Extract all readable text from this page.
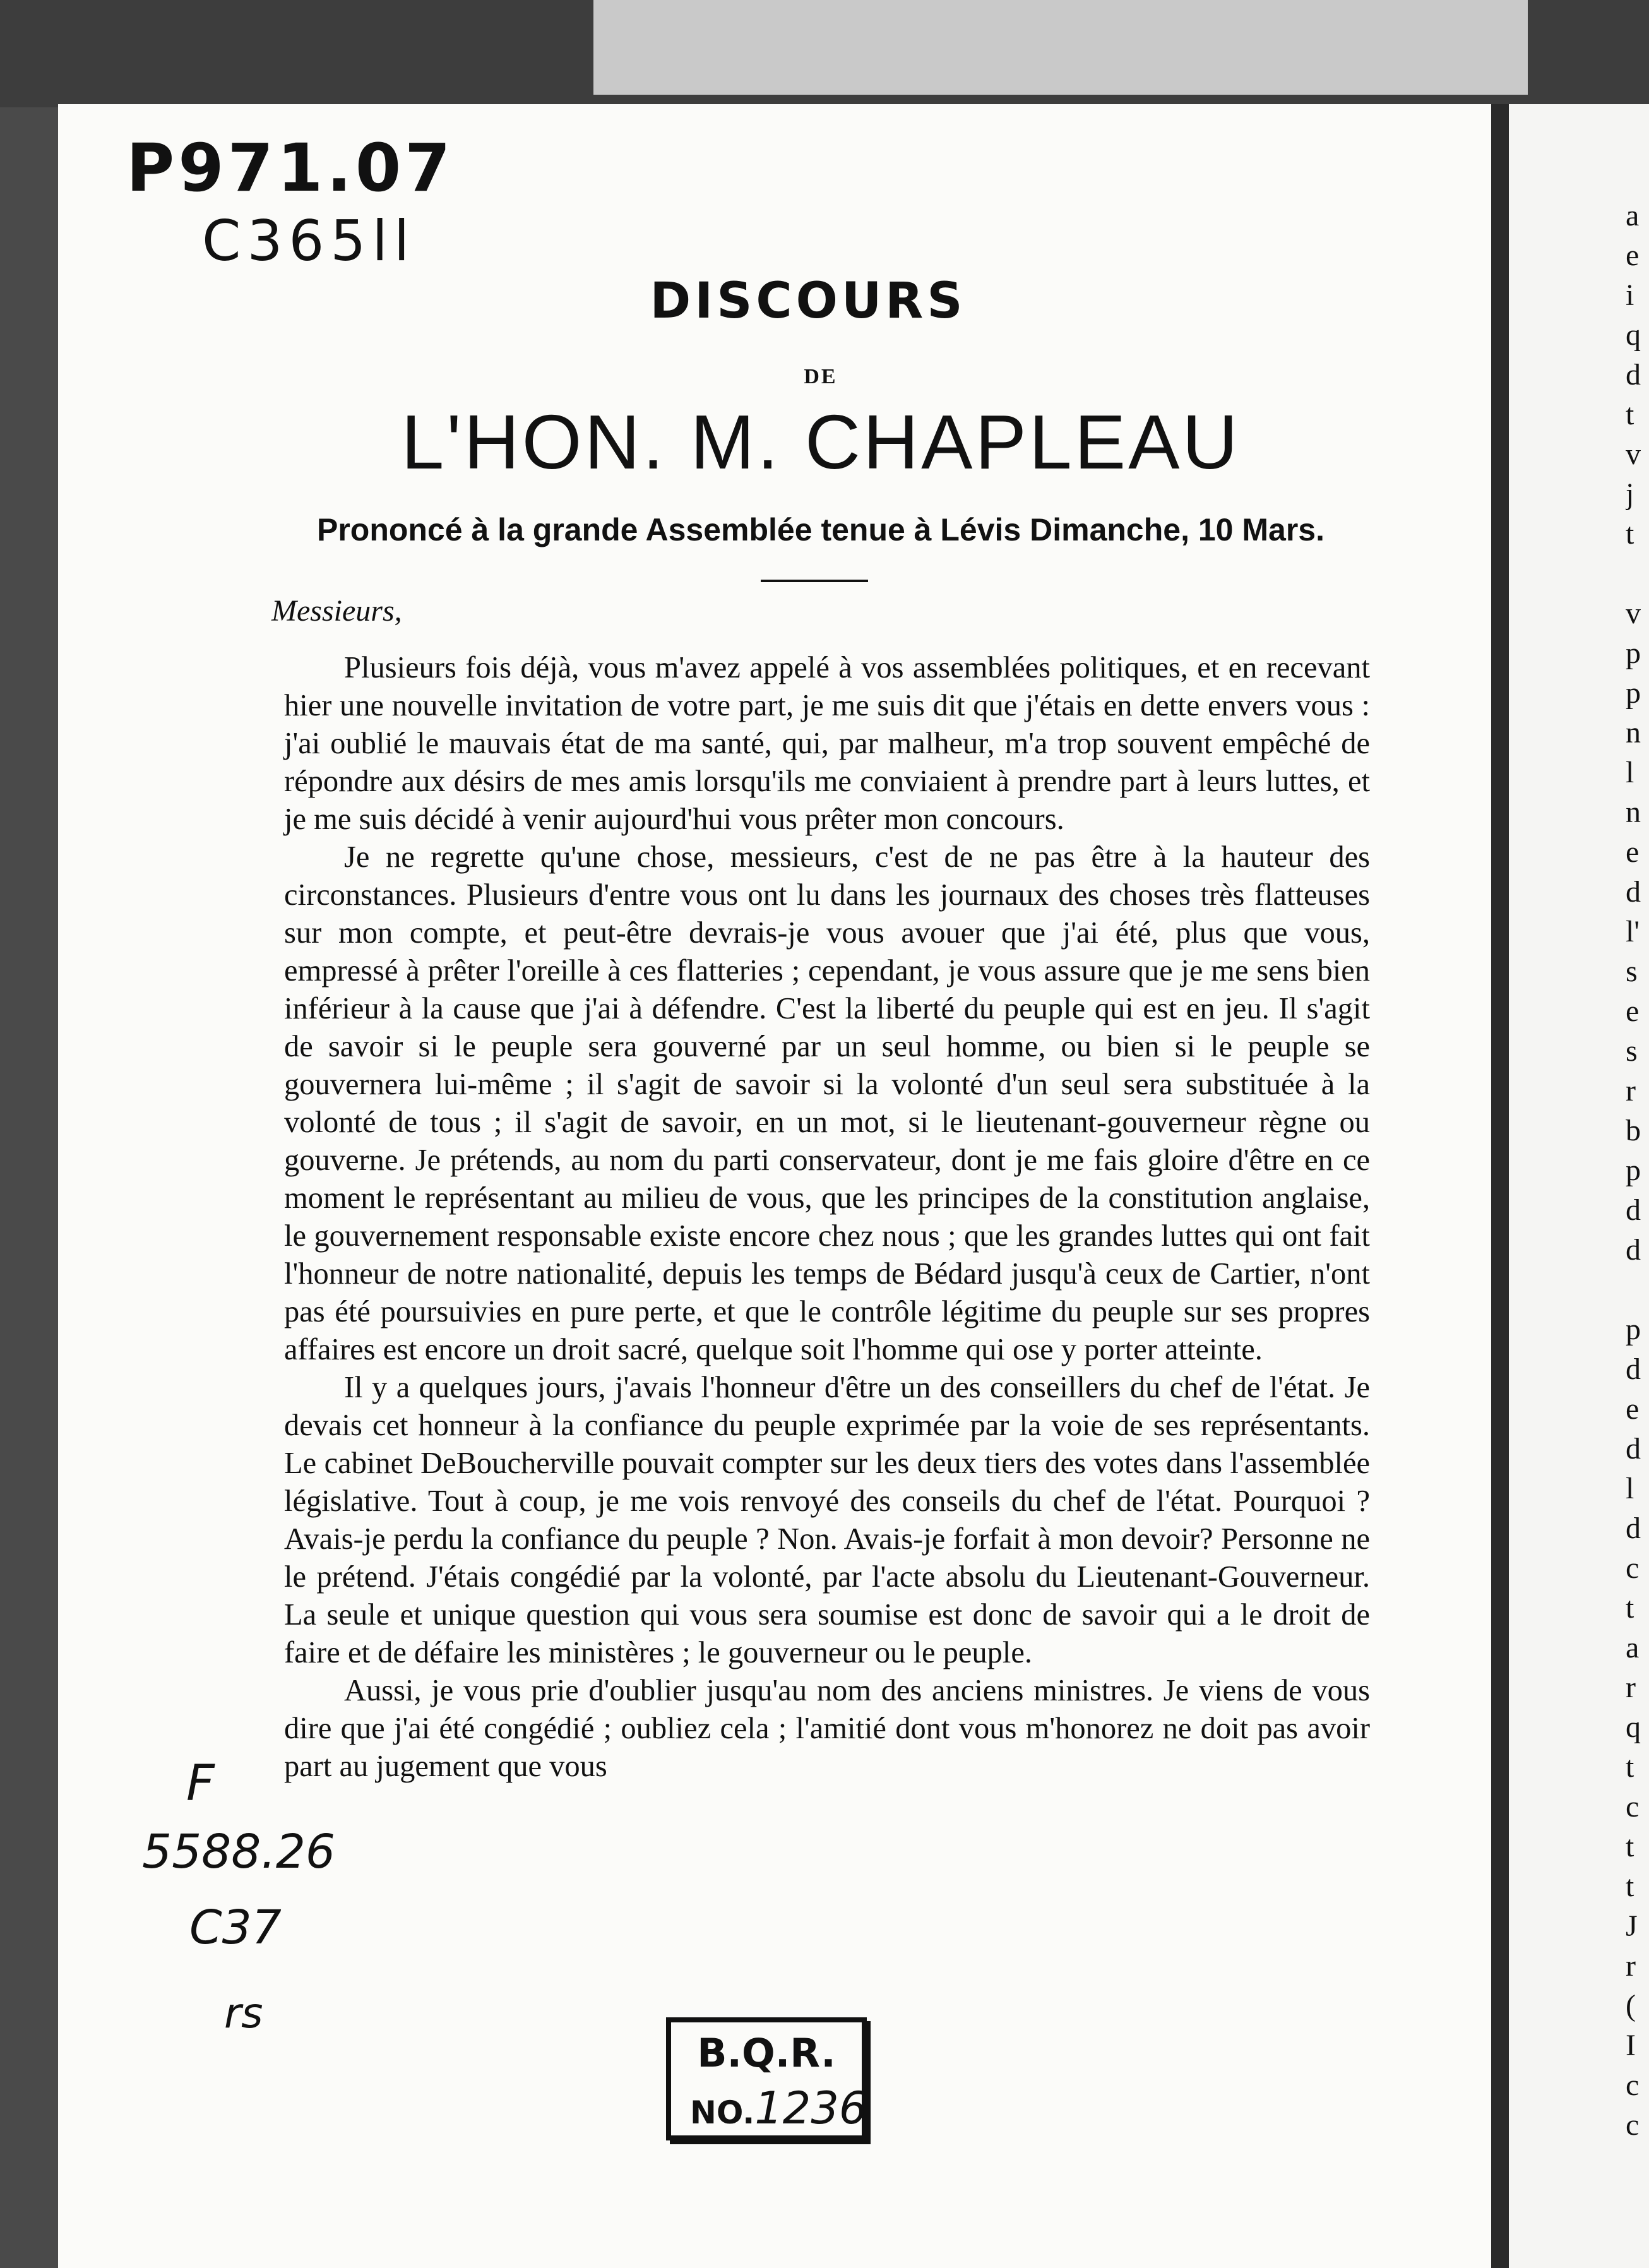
a
e
i
q
d
t
v
j
t
v
p
p
n
l
n
e
d
l'
s
e
s
r
b
p
d
d
p
d
e
d
l
d
c
t
a
r
q
t
c
t
t
J
r
(
I
c
c
P971.07
C365ll
F
5588.26
C37
rs
DISCOURS
DE
L'HON. M. CHAPLEAU
Prononcé à la grande Assemblée tenue à Lévis Dimanche, 10 Mars.
Messieurs,

Plusieurs fois déjà, vous m'avez appelé à vos assemblées politiques, et en recevant hier une nouvelle invitation de votre part, je me suis dit que j'étais en dette envers vous : j'ai oublié le mauvais état de ma santé, qui, par malheur, m'a trop souvent empêché de répondre aux désirs de mes amis lorsqu'ils me conviaient à prendre part à leurs luttes, et je me suis décidé à venir aujourd'hui vous prêter mon concours.

Je ne regrette qu'une chose, messieurs, c'est de ne pas être à la hauteur des circonstances. Plusieurs d'entre vous ont lu dans les journaux des choses très flatteuses sur mon compte, et peut-être devrais-je vous avouer que j'ai été, plus que vous, empressé à prêter l'oreille à ces flatteries ; cependant, je vous assure que je me sens bien inférieur à la cause que j'ai à défendre. C'est la liberté du peuple qui est en jeu. Il s'agit de savoir si le peuple sera gouverné par un seul homme, ou bien si le peuple se gouvernera lui-même ; il s'agit de savoir si la volonté d'un seul sera substituée à la volonté de tous ; il s'agit de savoir, en un mot, si le lieutenant-gouverneur règne ou gouverne. Je prétends, au nom du parti conservateur, dont je me fais gloire d'être en ce moment le représentant au milieu de vous, que les principes de la constitution anglaise, le gouvernement responsable existe encore chez nous ; que les grandes luttes qui ont fait l'honneur de notre nationalité, depuis les temps de Bédard jusqu'à ceux de Cartier, n'ont pas été poursuivies en pure perte, et que le contrôle légitime du peuple sur ses propres affaires est encore un droit sacré, quelque soit l'homme qui ose y porter atteinte.

Il y a quelques jours, j'avais l'honneur d'être un des conseillers du chef de l'état. Je devais cet honneur à la confiance du peuple exprimée par la voie de ses représentants. Le cabinet DeBoucherville pouvait compter sur les deux tiers des votes dans l'assemblée législative. Tout à coup, je me vois renvoyé des conseils du chef de l'état. Pourquoi ? Avais-je perdu la confiance du peuple ? Non. Avais-je forfait à mon devoir? Personne ne le prétend. J'étais congédié par la volonté, par l'acte absolu du Lieutenant-Gouverneur. La seule et unique question qui vous sera soumise est donc de savoir qui a le droit de faire et de défaire les ministères ; le gouverneur ou le peuple.

Aussi, je vous prie d'oublier jusqu'au nom des anciens ministres. Je viens de vous dire que j'ai été congédié ; oubliez cela ; l'amitié dont vous m'honorez ne doit pas avoir part au jugement que vous

B.Q.R.
NO.1236
